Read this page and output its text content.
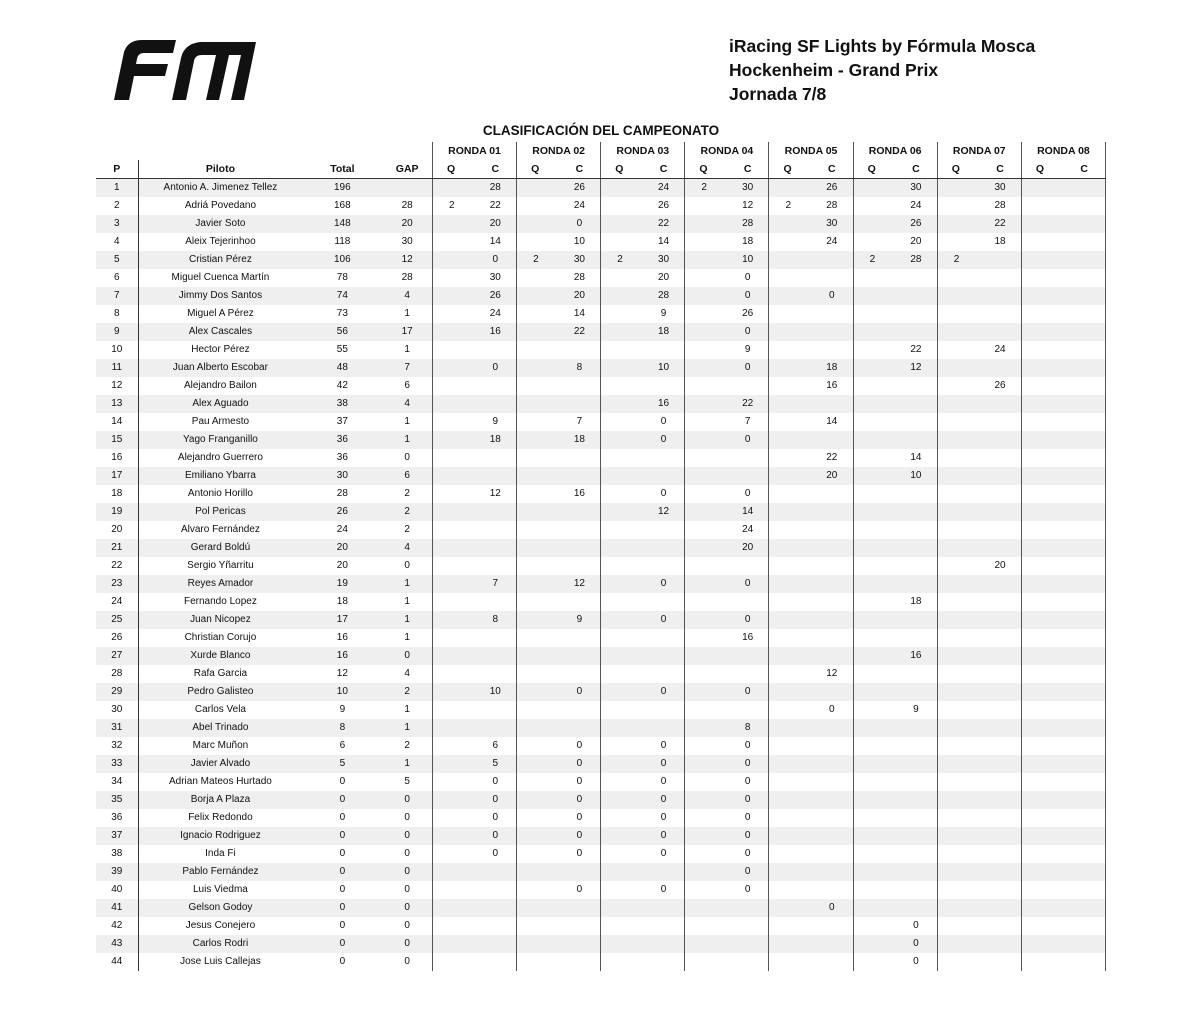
iRacing SF Lights by Fórmula Mosca
Hockenheim - Grand Prix
Jornada 7/8
CLASIFICACIÓN DEL CAMPEONATO
				RONDA 01		RONDA 02		RONDA 03		RONDA 04		RONDA 05		RONDA 06		RONDA 07		RONDA 08	
P	Piloto	Total	GAP	Q	C	Q	C	Q	C	Q	C	Q	C	Q	C	Q	C	Q	C
1	Antonio A. Jimenez Tellez	196			28		26		24	2	30		26		30		30		
2	Adriá Povedano	168	28	2	22		24		26		12	2	28		24		28		
3	Javier Soto	148	20		20		0		22		28		30		26		22		
4	Aleix Tejerinhoo	118	30		14		10		14		18		24		20		18		
5	Cristian Pérez	106	12		0	2	30	2	30		10			2	28	2			
6	Miguel Cuenca Martín	78	28		30		28		20		0								
7	Jimmy Dos Santos	74	4		26		20		28		0		0						
8	Miguel A Pérez	73	1		24		14		9		26								
9	Alex Cascales	56	17		16		22		18		0								
10	Hector Pérez	55	1								9				22		24		
11	Juan Alberto Escobar	48	7		0		8		10		0		18		12				
12	Alejandro Bailon	42	6										16				26		
13	Alex Aguado	38	4						16		22								
14	Pau Armesto	37	1		9		7		0		7		14						
15	Yago Franganillo	36	1		18		18		0		0								
16	Alejandro Guerrero	36	0										22		14				
17	Emiliano Ybarra	30	6										20		10				
18	Antonio Horillo	28	2		12		16		0		0								
19	Pol Pericas	26	2						12		14								
20	Alvaro Fernández	24	2								24								
21	Gerard Boldú	20	4								20								
22	Sergio Yñarritu	20	0														20		
23	Reyes Amador	19	1		7		12		0		0								
24	Fernando Lopez	18	1												18				
25	Juan Nicopez	17	1		8		9		0		0								
26	Christian Corujo	16	1								16								
27	Xurde Blanco	16	0												16				
28	Rafa Garcia	12	4										12						
29	Pedro Galisteo	10	2		10		0		0		0								
30	Carlos Vela	9	1										0		9				
31	Abel Trinado	8	1								8								
32	Marc Muñon	6	2		6		0		0		0								
33	Javier Alvado	5	1		5		0		0		0								
34	Adrian Mateos Hurtado	0	5		0		0		0		0								
35	Borja A Plaza	0	0		0		0		0		0								
36	Felix Redondo	0	0		0		0		0		0								
37	Ignacio Rodriguez	0	0		0		0		0		0								
38	Inda Fi	0	0		0		0		0		0								
39	Pablo Fernández	0	0								0								
40	Luis Viedma	0	0				0		0		0								
41	Gelson Godoy	0	0										0						
42	Jesus Conejero	0	0												0				
43	Carlos Rodri	0	0												0				
44	Jose Luis Callejas	0	0												0				
